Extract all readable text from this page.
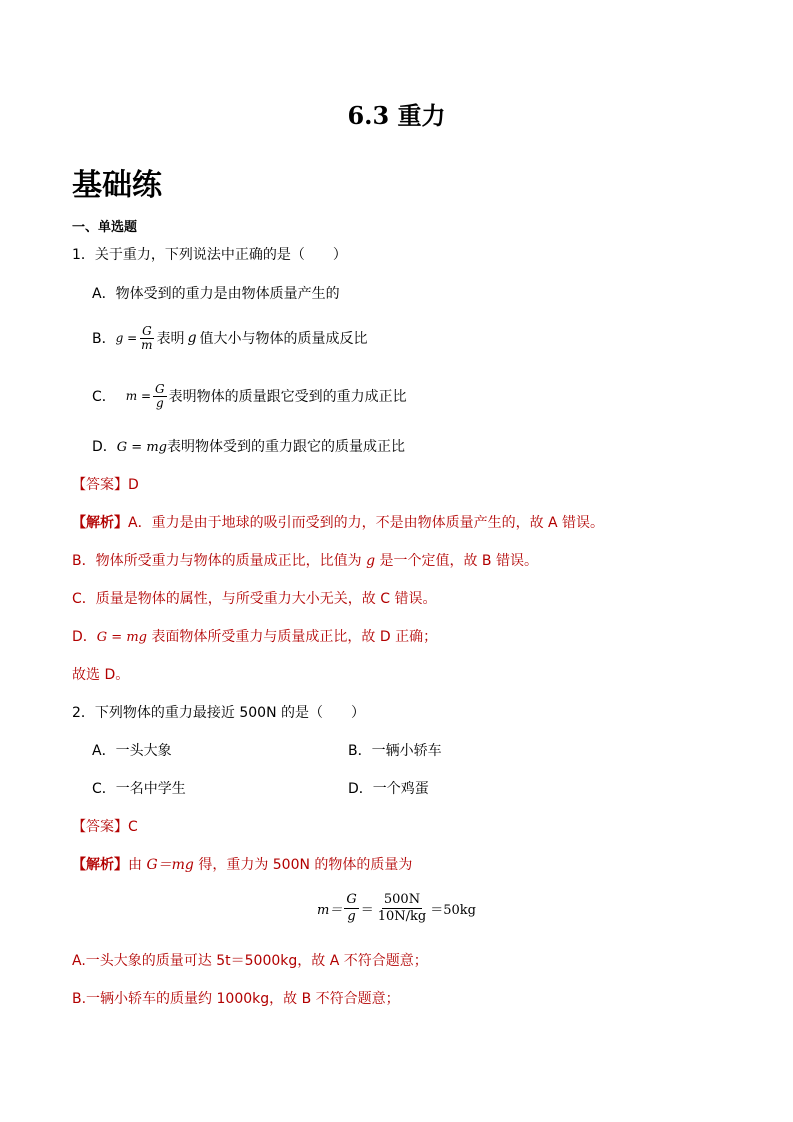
6.3 重力
基础练
一、单选题
1．关于重力，下列说法中正确的是（　　）
A．物体受到的重力是由物体质量产生的
B． $g = \frac{G}{m}$ 表明 g 值大小与物体的质量成反比
C． $m = \frac{G}{g}$ 表明物体的质量跟它受到的重力成正比
D．G = mg表明物体受到的重力跟它的质量成正比
【答案】D
【解析】A．重力是由于地球的吸引而受到的力，不是由物体质量产生的，故 A 错误。
B．物体所受重力与物体的质量成正比，比值为 g 是一个定值，故 B 错误。
C．质量是物体的属性，与所受重力大小无关，故 C 错误。
D．G = mg 表面物体所受重力与质量成正比，故 D 正确；
故选 D。
2．下列物体的重力最接近 500N 的是（　　）
A．一头大象	B．一辆小轿车
C．一名中学生	D．一个鸡蛋
【答案】C
【解析】由 G＝mg 得，重力为 500N 的物体的质量为
$m= \frac{G}{g} = \frac{500N}{10N/kg} =50kg$
A.一头大象的质量可达 5t＝5000kg，故 A 不符合题意；
B.一辆小轿车的质量约 1000kg，故 B 不符合题意；
